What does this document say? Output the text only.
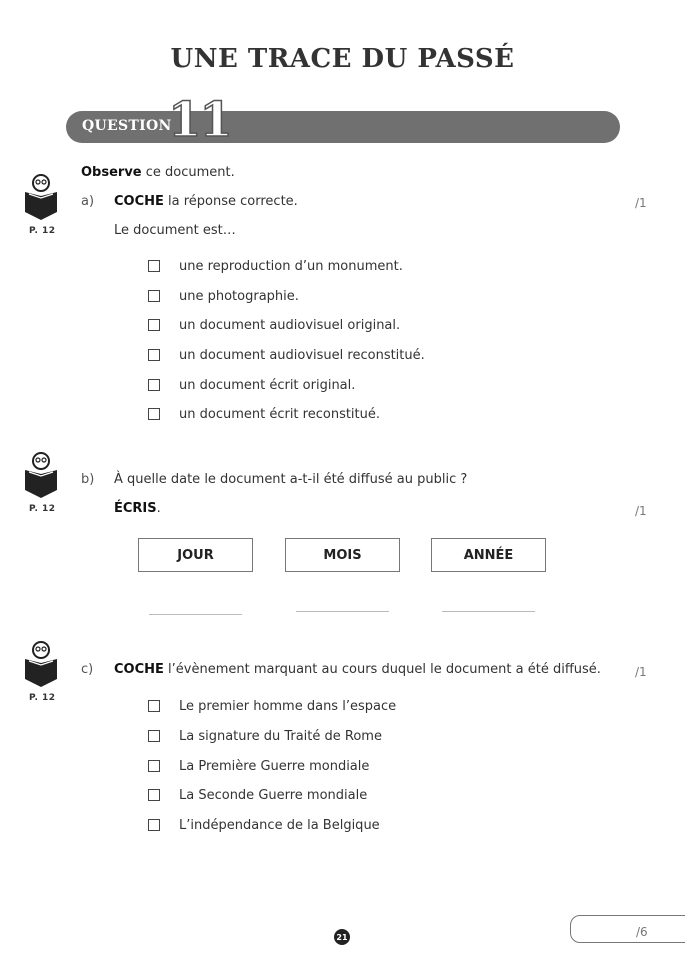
UNE TRACE DU PASSÉ
QUESTION
11
P. 12
Observe ce document.
a) COCHE la réponse correcte.	/1
Le document est…
une reproduction d’un monument.
une photographie.
un document audiovisuel original.
un document audiovisuel reconstitué.
un document écrit original.
un document écrit reconstitué.
P. 12
b) À quelle date le document a-t-il été diffusé au public ?
ÉCRIS.	/1
JOUR	MOIS	ANNÉE
P. 12
c) COCHE l’évènement marquant au cours duquel le document a été diffusé.	/1
Le premier homme dans l’espace
La signature du Traité de Rome
La Première Guerre mondiale
La Seconde Guerre mondiale
L’indépendance de la Belgique
/6
21
